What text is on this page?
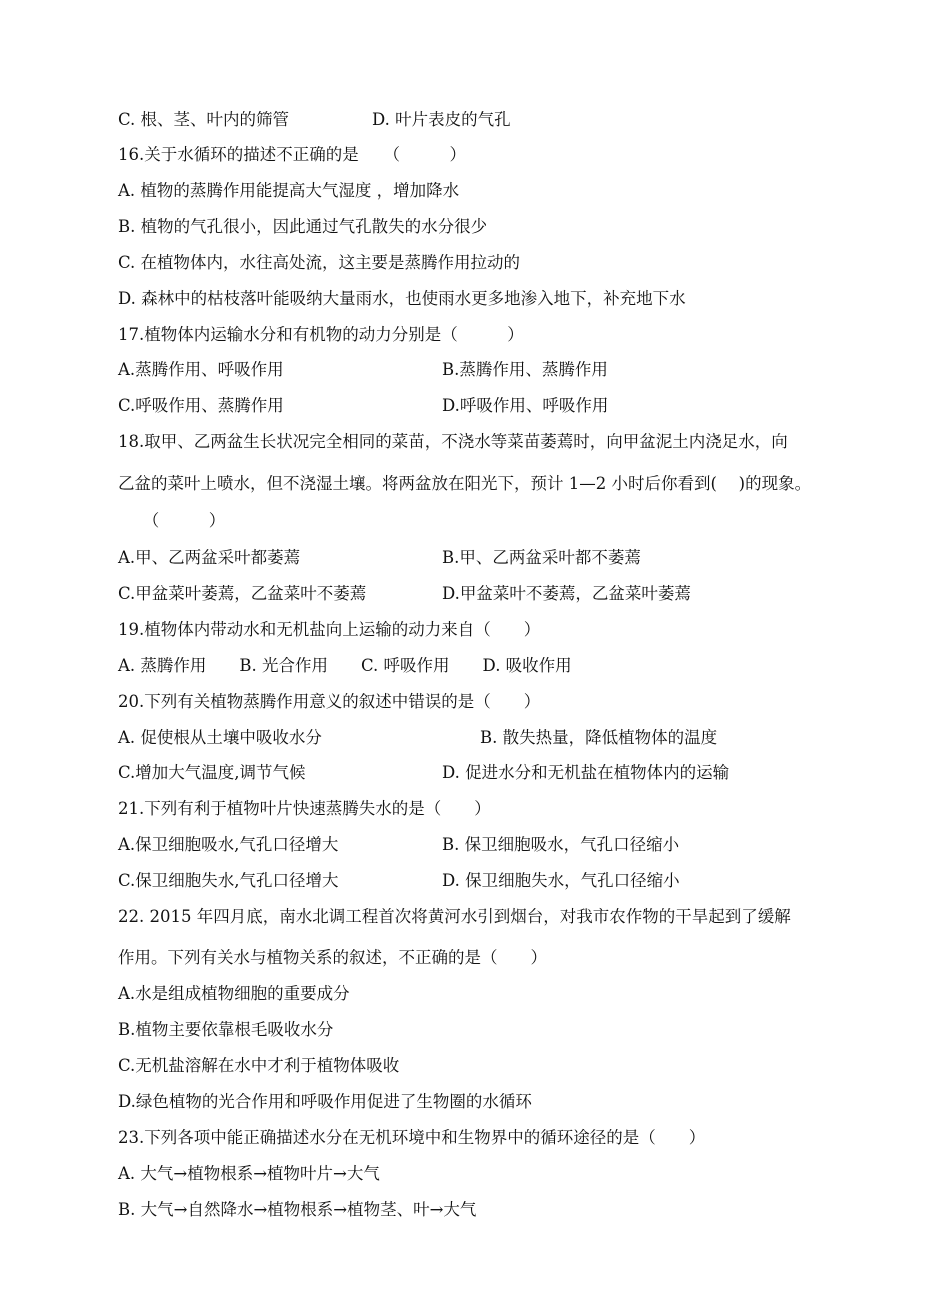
C. 根、茎、叶内的筛管	D. 叶片表皮的气孔
16.关于水循环的描述不正确的是　　（　　　）
A. 植物的蒸腾作用能提高大气湿度 ，增加降水
B. 植物的气孔很小，因此通过气孔散失的水分很少
C. 在植物体内，水往高处流，这主要是蒸腾作用拉动的
D. 森林中的枯枝落叶能吸纳大量雨水，也使雨水更多地渗入地下，补充地下水
17.植物体内运输水分和有机物的动力分别是（　　　）
A.蒸腾作用、呼吸作用	B.蒸腾作用、蒸腾作用
C.呼吸作用、蒸腾作用	D.呼吸作用、呼吸作用
18.取甲、乙两盆生长状况完全相同的菜苗，不浇水等菜苗萎蔫时，向甲盆泥土内浇足水，向
乙盆的菜叶上喷水，但不浇湿土壤。将两盆放在阳光下，预计 1—2 小时后你看到(　 )的现象。
　　（　　　）
A.甲、乙两盆采叶都萎蔫	B.甲、乙两盆采叶都不萎蔫
C.甲盆菜叶萎蔫，乙盆菜叶不萎蔫	D.甲盆菜叶不萎蔫，乙盆菜叶萎蔫
19.植物体内带动水和无机盐向上运输的动力来自（　　）
A. 蒸腾作用　　B. 光合作用　　C. 呼吸作用　　D. 吸收作用
20.下列有关植物蒸腾作用意义的叙述中错误的是（　　）
A. 促使根从土壤中吸收水分	B. 散失热量，降低植物体的温度
C.增加大气温度,调节气候	D. 促进水分和无机盐在植物体内的运输
21.下列有利于植物叶片快速蒸腾失水的是（　　）
A.保卫细胞吸水,气孔口径增大	B. 保卫细胞吸水，气孔口径缩小
C.保卫细胞失水,气孔口径增大	D. 保卫细胞失水，气孔口径缩小
22. 2015 年四月底，南水北调工程首次将黄河水引到烟台，对我市农作物的干旱起到了缓解
作用。下列有关水与植物关系的叙述，不正确的是（　　）
A.水是组成植物细胞的重要成分
B.植物主要依靠根毛吸收水分
C.无机盐溶解在水中才利于植物体吸收
D.绿色植物的光合作用和呼吸作用促进了生物圈的水循环
23.下列各项中能正确描述水分在无机环境中和生物界中的循环途径的是（　　）
A. 大气→植物根系→植物叶片→大气
B. 大气→自然降水→植物根系→植物茎、叶→大气
